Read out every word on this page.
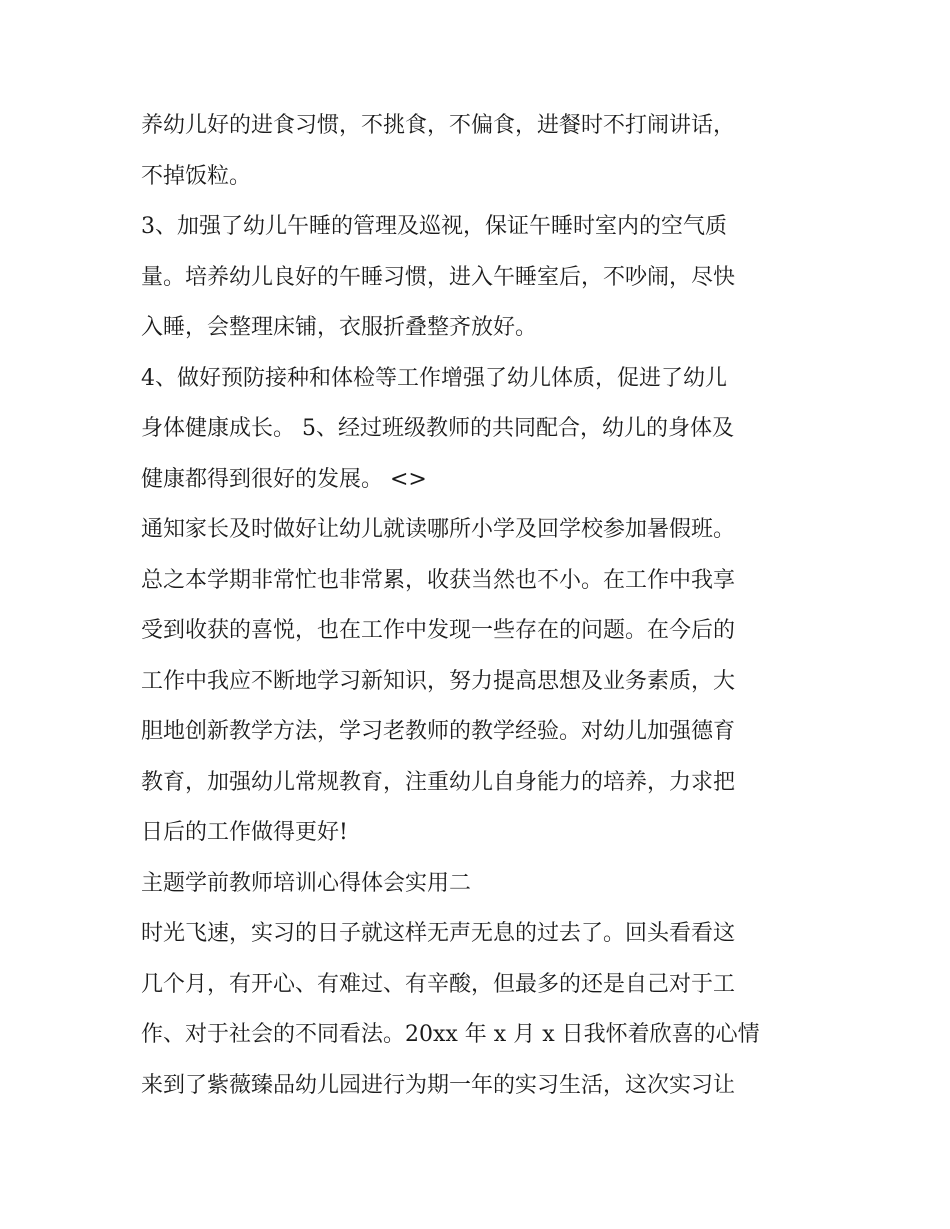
养幼儿好的进食习惯，不挑食，不偏食，进餐时不打闹讲话，
不掉饭粒。
3、加强了幼儿午睡的管理及巡视，保证午睡时室内的空气质
量。培养幼儿良好的午睡习惯，进入午睡室后，不吵闹，尽快
入睡，会整理床铺，衣服折叠整齐放好。
4、做好预防接种和体检等工作增强了幼儿体质，促进了幼儿
身体健康成长。 5、经过班级教师的共同配合，幼儿的身体及
健康都得到很好的发展。 <>
通知家长及时做好让幼儿就读哪所小学及回学校参加暑假班。
总之本学期非常忙也非常累，收获当然也不小。在工作中我享
受到收获的喜悦，也在工作中发现一些存在的问题。在今后的
工作中我应不断地学习新知识，努力提高思想及业务素质，大
胆地创新教学方法，学习老教师的教学经验。对幼儿加强德育
教育，加强幼儿常规教育，注重幼儿自身能力的培养，力求把
日后的工作做得更好!
主题学前教师培训心得体会实用二
时光飞速，实习的日子就这样无声无息的过去了。回头看看这
几个月，有开心、有难过、有辛酸，但最多的还是自己对于工
作、对于社会的不同看法。20xx 年 x 月 x 日我怀着欣喜的心情
来到了紫薇臻品幼儿园进行为期一年的实习生活，这次实习让
